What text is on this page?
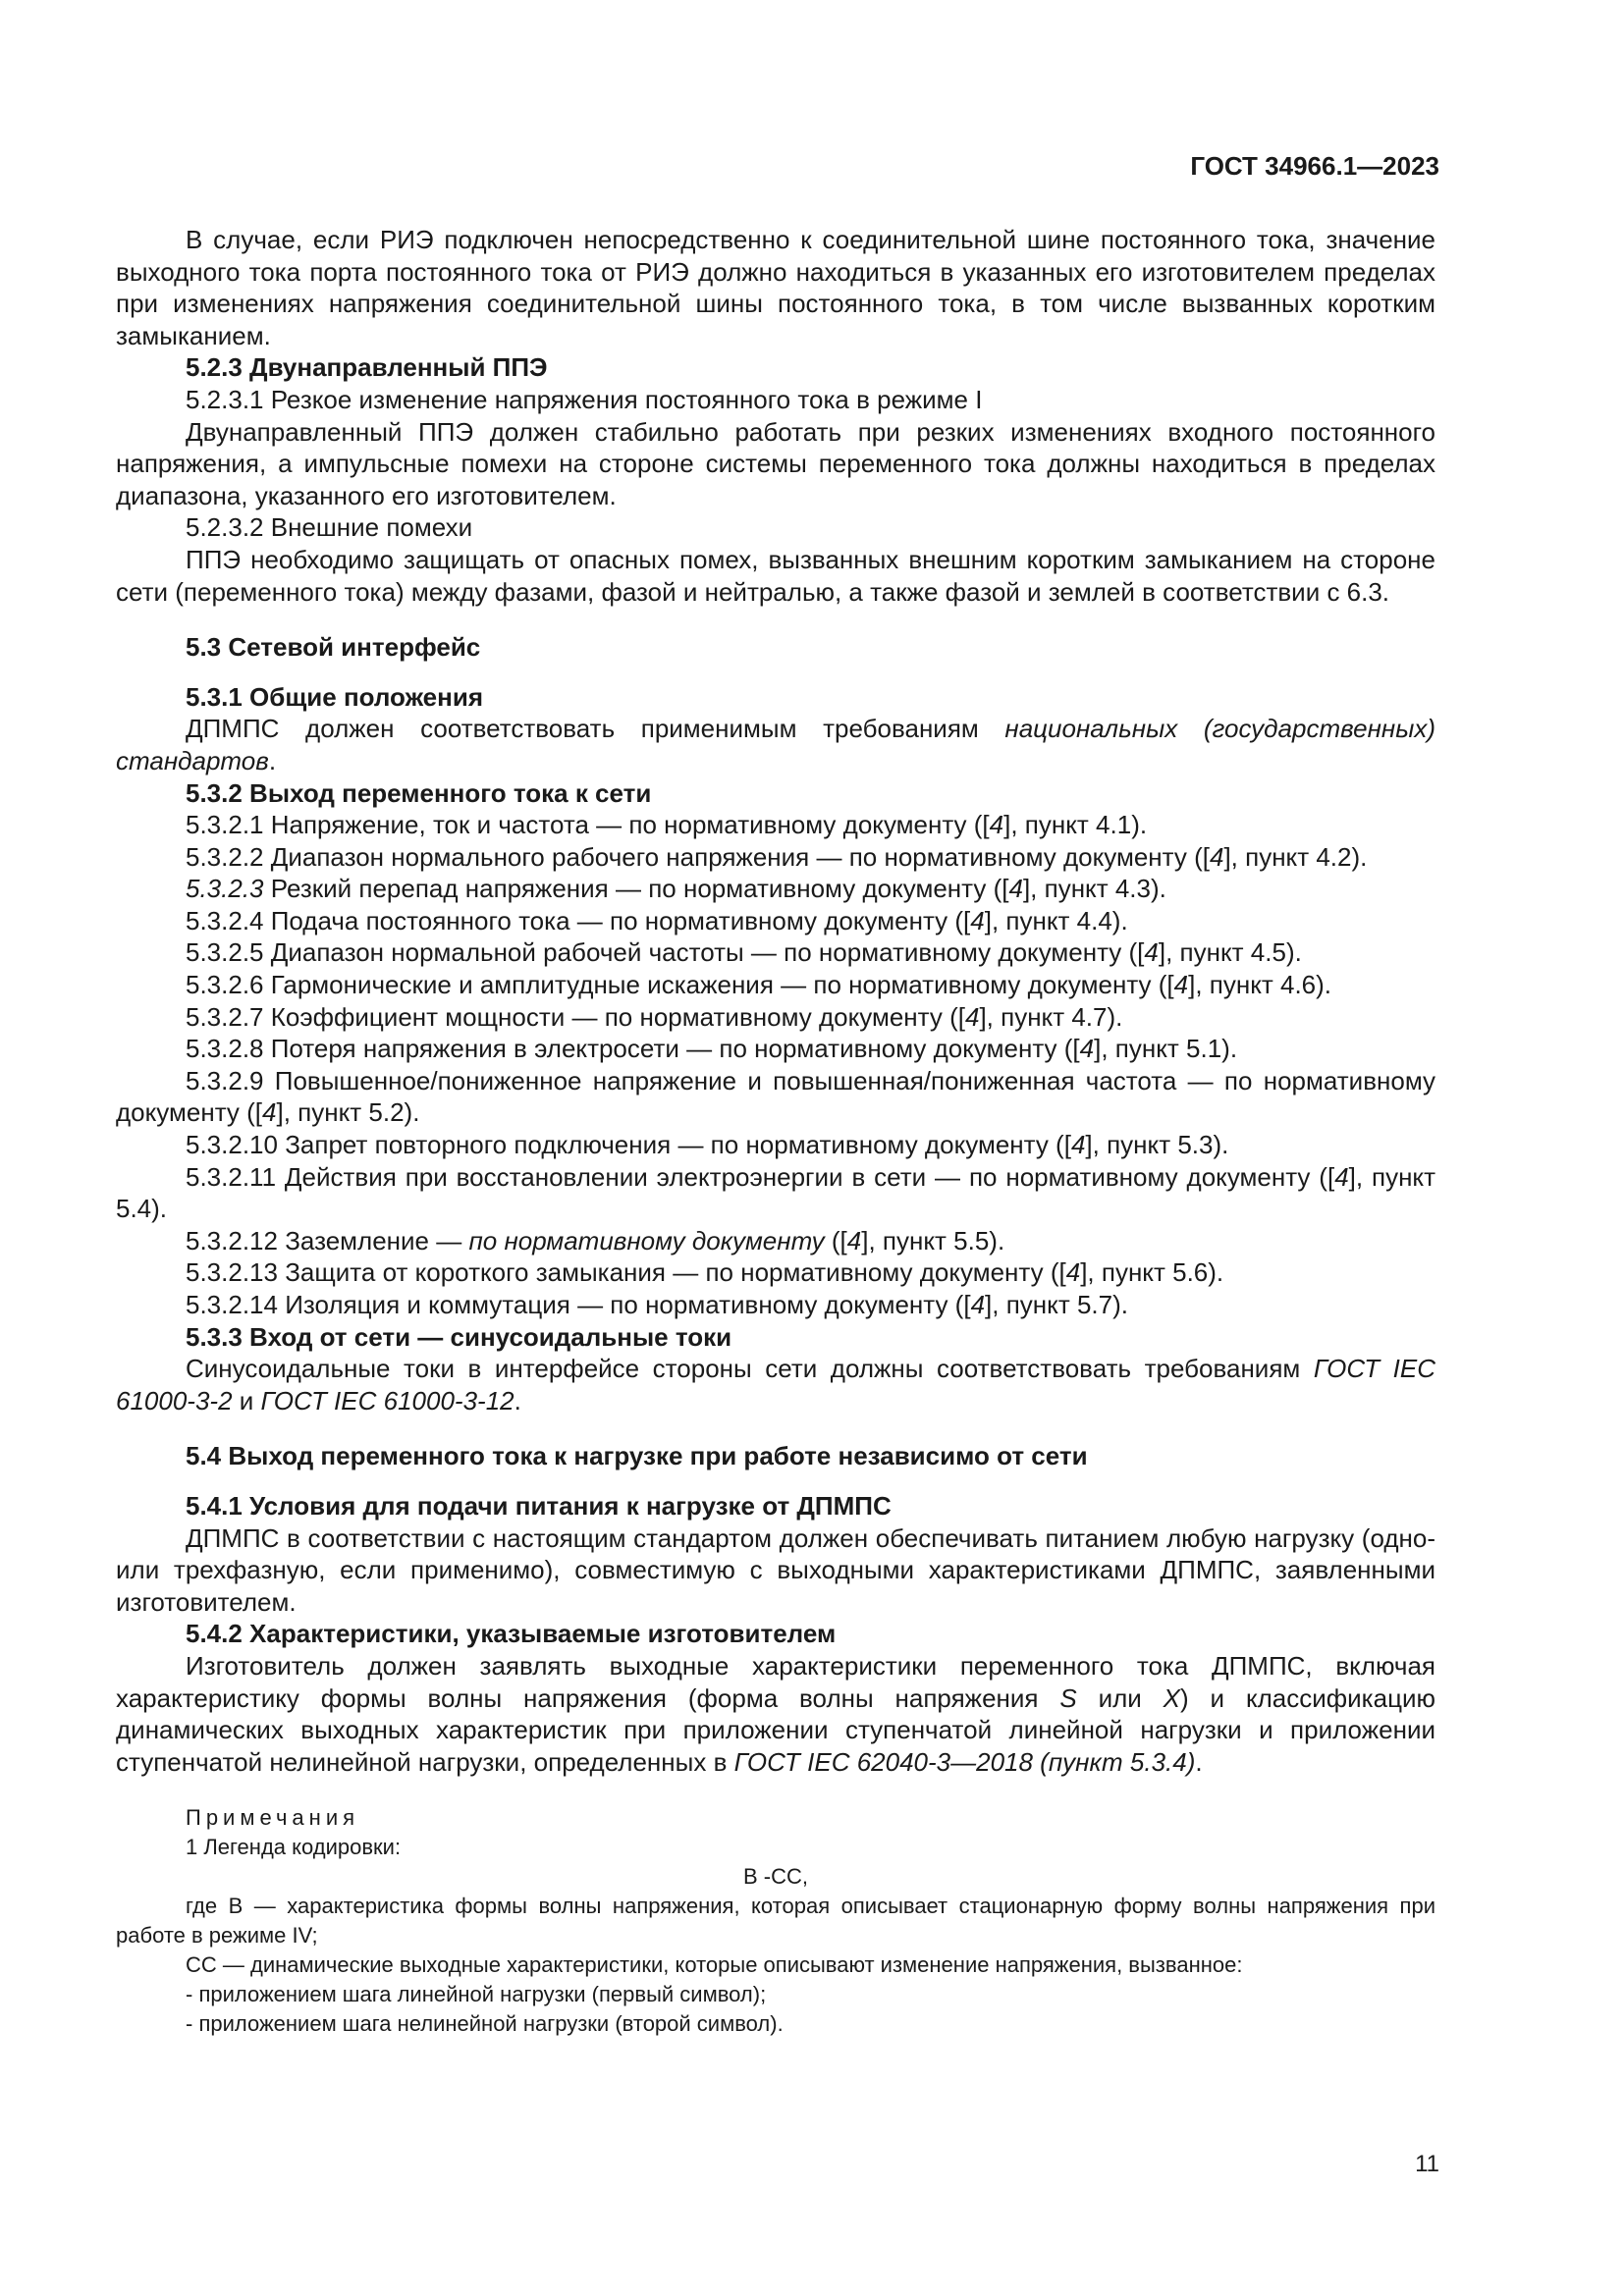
ГОСТ 34966.1—2023

В случае, если РИЭ подключен непосредственно к соединительной шине постоянного тока, значение выходного тока порта постоянного тока от РИЭ должно находиться в указанных его изготовителем пределах при изменениях напряжения соединительной шины постоянного тока, в том числе вызванных коротким замыканием.

5.2.3 Двунаправленный ППЭ

5.2.3.1 Резкое изменение напряжения постоянного тока в режиме I

Двунаправленный ППЭ должен стабильно работать при резких изменениях входного постоянного напряжения, а импульсные помехи на стороне системы переменного тока должны находиться в пределах диапазона, указанного его изготовителем.

5.2.3.2 Внешние помехи

ППЭ необходимо защищать от опасных помех, вызванных внешним коротким замыканием на стороне сети (переменного тока) между фазами, фазой и нейтралью, а также фазой и землей в соответствии с 6.3.

5.3 Сетевой интерфейс

5.3.1 Общие положения

ДПМПС должен соответствовать применимым требованиям национальных (государственных) стандартов.

5.3.2 Выход переменного тока к сети

5.3.2.1 Напряжение, ток и частота — по нормативному документу ([4], пункт 4.1).

5.3.2.2 Диапазон нормального рабочего напряжения — по нормативному документу ([4], пункт 4.2).

5.3.2.3 Резкий перепад напряжения — по нормативному документу ([4], пункт 4.3).

5.3.2.4 Подача постоянного тока — по нормативному документу ([4], пункт 4.4).

5.3.2.5 Диапазон нормальной рабочей частоты — по нормативному документу ([4], пункт 4.5).

5.3.2.6 Гармонические и амплитудные искажения — по нормативному документу ([4], пункт 4.6).

5.3.2.7 Коэффициент мощности — по нормативному документу ([4], пункт 4.7).

5.3.2.8 Потеря напряжения в электросети — по нормативному документу ([4], пункт 5.1).

5.3.2.9 Повышенное/пониженное напряжение и повышенная/пониженная частота — по нормативному документу ([4], пункт 5.2).

5.3.2.10 Запрет повторного подключения — по нормативному документу ([4], пункт 5.3).

5.3.2.11 Действия при восстановлении электроэнергии в сети — по нормативному документу ([4], пункт 5.4).

5.3.2.12 Заземление — по нормативному документу ([4], пункт 5.5).

5.3.2.13 Защита от короткого замыкания — по нормативному документу ([4], пункт 5.6).

5.3.2.14 Изоляция и коммутация — по нормативному документу ([4], пункт 5.7).

5.3.3 Вход от сети — синусоидальные токи

Синусоидальные токи в интерфейсе стороны сети должны соответствовать требованиям ГОСТ IEC 61000-3-2 и ГОСТ IEC 61000-3-12.

5.4 Выход переменного тока к нагрузке при работе независимо от сети

5.4.1 Условия для подачи питания к нагрузке от ДПМПС

ДПМПС в соответствии с настоящим стандартом должен обеспечивать питанием любую нагрузку (одно- или трехфазную, если применимо), совместимую с выходными характеристиками ДПМПС, заявленными изготовителем.

5.4.2 Характеристики, указываемые изготовителем

Изготовитель должен заявлять выходные характеристики переменного тока ДПМПС, включая характеристику формы волны напряжения (форма волны напряжения S или X) и классификацию динамических выходных характеристик при приложении ступенчатой линейной нагрузки и приложении ступенчатой нелинейной нагрузки, определенных в ГОСТ IEC 62040-3—2018 (пункт 5.3.4).

Примечания

1 Легенда кодировки:

В -СС,

где В — характеристика формы волны напряжения, которая описывает стационарную форму волны напряжения при работе в режиме IV;

СС — динамические выходные характеристики, которые описывают изменение напряжения, вызванное:

- приложением шага линейной нагрузки (первый символ);

- приложением шага нелинейной нагрузки (второй символ).

11
